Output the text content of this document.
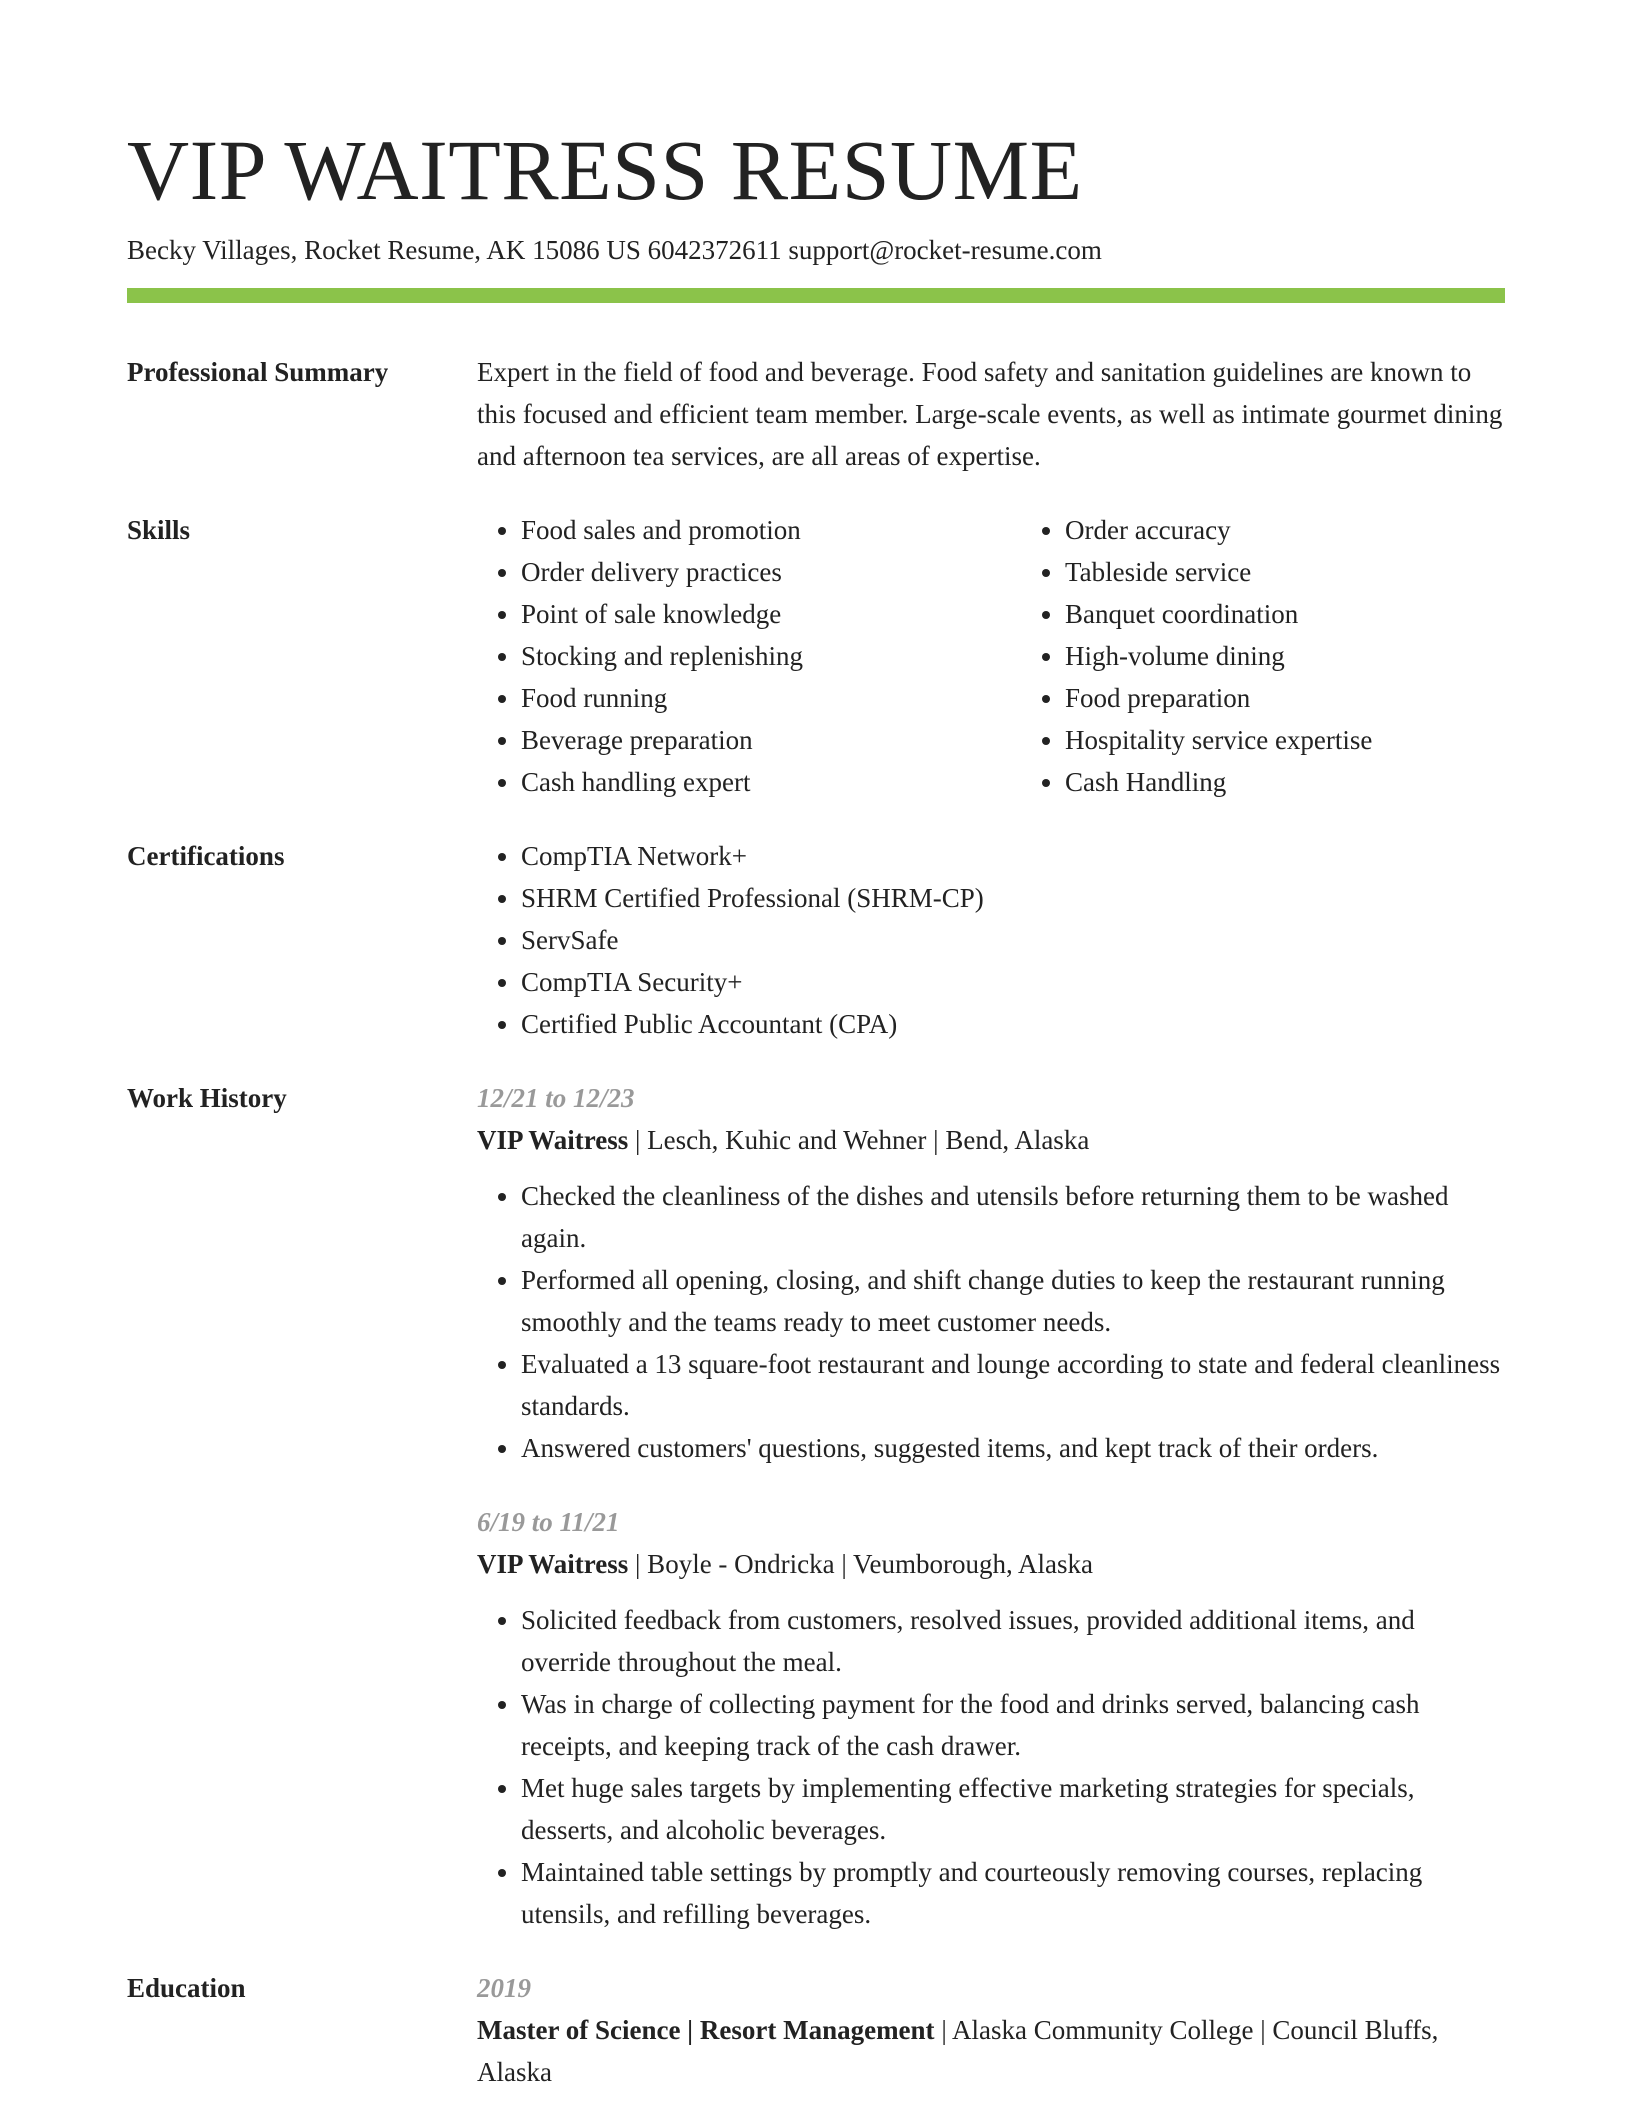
VIP WAITRESS RESUME
Becky Villages, Rocket Resume, AK 15086 US 6042372611 support@rocket-resume.com
Professional Summary	Expert in the field of food and beverage. Food safety and sanitation guidelines are known to this focused and efficient team member. Large-scale events, as well as intimate gourmet dining and afternoon tea services, are all areas of expertise.

Skills	• Food sales and promotion
• Order delivery practices
• Point of sale knowledge
• Stocking and replenishing
• Food running
• Beverage preparation
• Cash handling expert
• Order accuracy
• Tableside service
• Banquet coordination
• High-volume dining
• Food preparation
• Hospitality service expertise
• Cash Handling
Certifications	• CompTIA Network+
• SHRM Certified Professional (SHRM-CP)
• ServSafe
• CompTIA Security+
• Certified Public Accountant (CPA)
Work History	12/21 to 12/23
VIP Waitress | Lesch, Kuhic and Wehner | Bend, Alaska
• Checked the cleanliness of the dishes and utensils before returning them to be washed again.
• Performed all opening, closing, and shift change duties to keep the restaurant running smoothly and the teams ready to meet customer needs.
• Evaluated a 13 square-foot restaurant and lounge according to state and federal cleanliness standards.
• Answered customers' questions, suggested items, and kept track of their orders.
6/19 to 11/21
VIP Waitress | Boyle - Ondricka | Veumborough, Alaska
• Solicited feedback from customers, resolved issues, provided additional items, and override throughout the meal.
• Was in charge of collecting payment for the food and drinks served, balancing cash receipts, and keeping track of the cash drawer.
• Met huge sales targets by implementing effective marketing strategies for specials, desserts, and alcoholic beverages.
• Maintained table settings by promptly and courteously removing courses, replacing utensils, and refilling beverages.
Education	2019
Master of Science | Resort Management | Alaska Community College | Council Bluffs, Alaska
